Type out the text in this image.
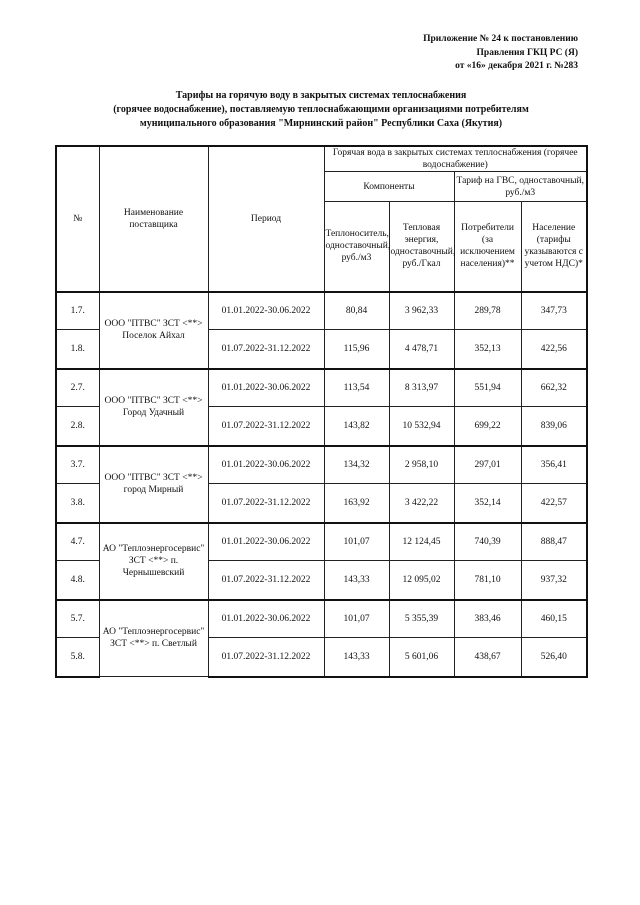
Приложение № 24 к постановлению
Правления ГКЦ РС (Я)
от «16» декабря 2021 г. №283
Тарифы на горячую воду в закрытых системах теплоснабжения
(горячее водоснабжение), поставляемую теплоснабжающими организациями потребителям
муниципального образования "Мирнинский район" Республики Саха (Якутия)
№	Наименование поставщика	Период	Горячая вода в закрытых системах теплоснабжения (горячее водоснабжение)			
			Компоненты		Тариф на ГВС, одноставочный, руб./м3	
			Теплоноситель, одноставочный, руб./м3	Тепловая энергия, одноставочный, руб./Гкал	Потребители (за исключением населения)**	Население (тарифы указываются с учетом НДС)*
1.7.	ООО "ПТВС" ЗСТ <**> Поселок Айхал	01.01.2022-30.06.2022	80,84	3 962,33	289,78	347,73
1.8.		01.07.2022-31.12.2022	115,96	4 478,71	352,13	422,56
2.7.	ООО "ПТВС" ЗСТ <**> Город Удачный	01.01.2022-30.06.2022	113,54	8 313,97	551,94	662,32
2.8.		01.07.2022-31.12.2022	143,82	10 532,94	699,22	839,06
3.7.	ООО "ПТВС" ЗСТ <**> город Мирный	01.01.2022-30.06.2022	134,32	2 958,10	297,01	356,41
3.8.		01.07.2022-31.12.2022	163,92	3 422,22	352,14	422,57
4.7.	АО "Теплоэнергосервис" ЗСТ <**> п. Чернышевский	01.01.2022-30.06.2022	101,07	12 124,45	740,39	888,47
4.8.		01.07.2022-31.12.2022	143,33	12 095,02	781,10	937,32
5.7.	АО "Теплоэнергосервис" ЗСТ <**> п. Светлый	01.01.2022-30.06.2022	101,07	5 355,39	383,46	460,15
5.8.		01.07.2022-31.12.2022	143,33	5 601,06	438,67	526,40
